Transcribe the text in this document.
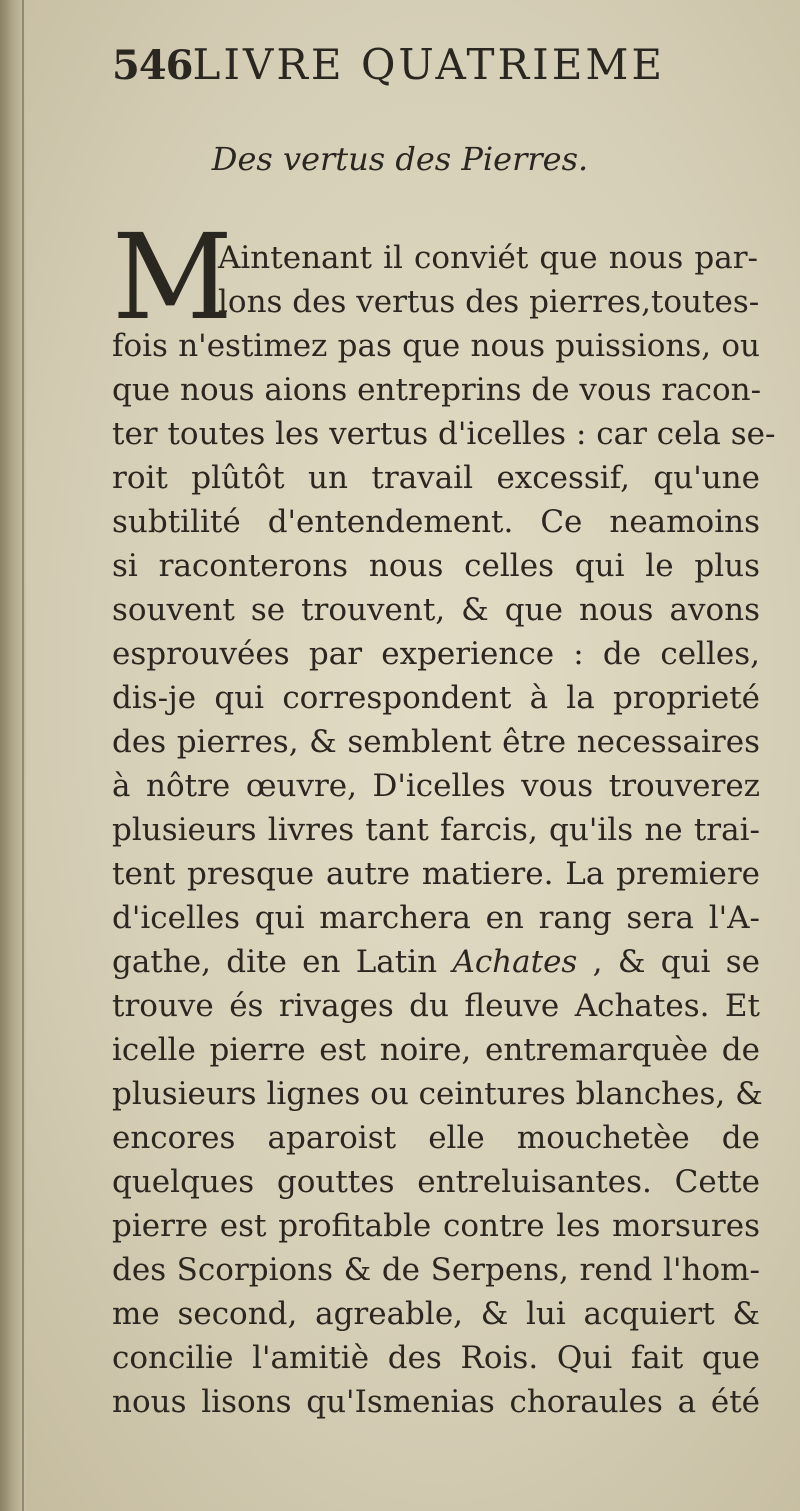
546LIVRE QUATRIEME
Des vertus des Pierres.
M
Aintenant il conviét que nous par-
lons des vertus des pierres,toutes-
fois n'estimez pas que nous puissions, ou
que nous aions entreprins de vous racon-
ter toutes les vertus d'icelles : car cela se-
roit plûtôt un travail excessif, qu'une
subtilité d'entendement. Ce neamoins
si raconterons nous celles qui le plus
souvent se trouvent, & que nous avons
esprouvées par experience : de celles,
dis-je qui correspondent à la proprieté
des pierres, & semblent être necessaires
à nôtre œuvre, D'icelles vous trouverez
plusieurs livres tant farcis, qu'ils ne trai-
tent presque autre matiere. La premiere
d'icelles qui marchera en rang sera l'A-
gathe, dite en Latin Achates , & qui se
trouve és rivages du fleuve Achates. Et
icelle pierre est noire, entremarquèe de
plusieurs lignes ou ceintures blanches, &
encores aparoist elle mouchetèe de
quelques gouttes entreluisantes. Cette
pierre est profitable contre les morsures
des Scorpions & de Serpens, rend l'hom-
me second, agreable, & lui acquiert &
concilie l'amitiè des Rois. Qui fait que
nous lisons qu'Ismenias choraules a été
